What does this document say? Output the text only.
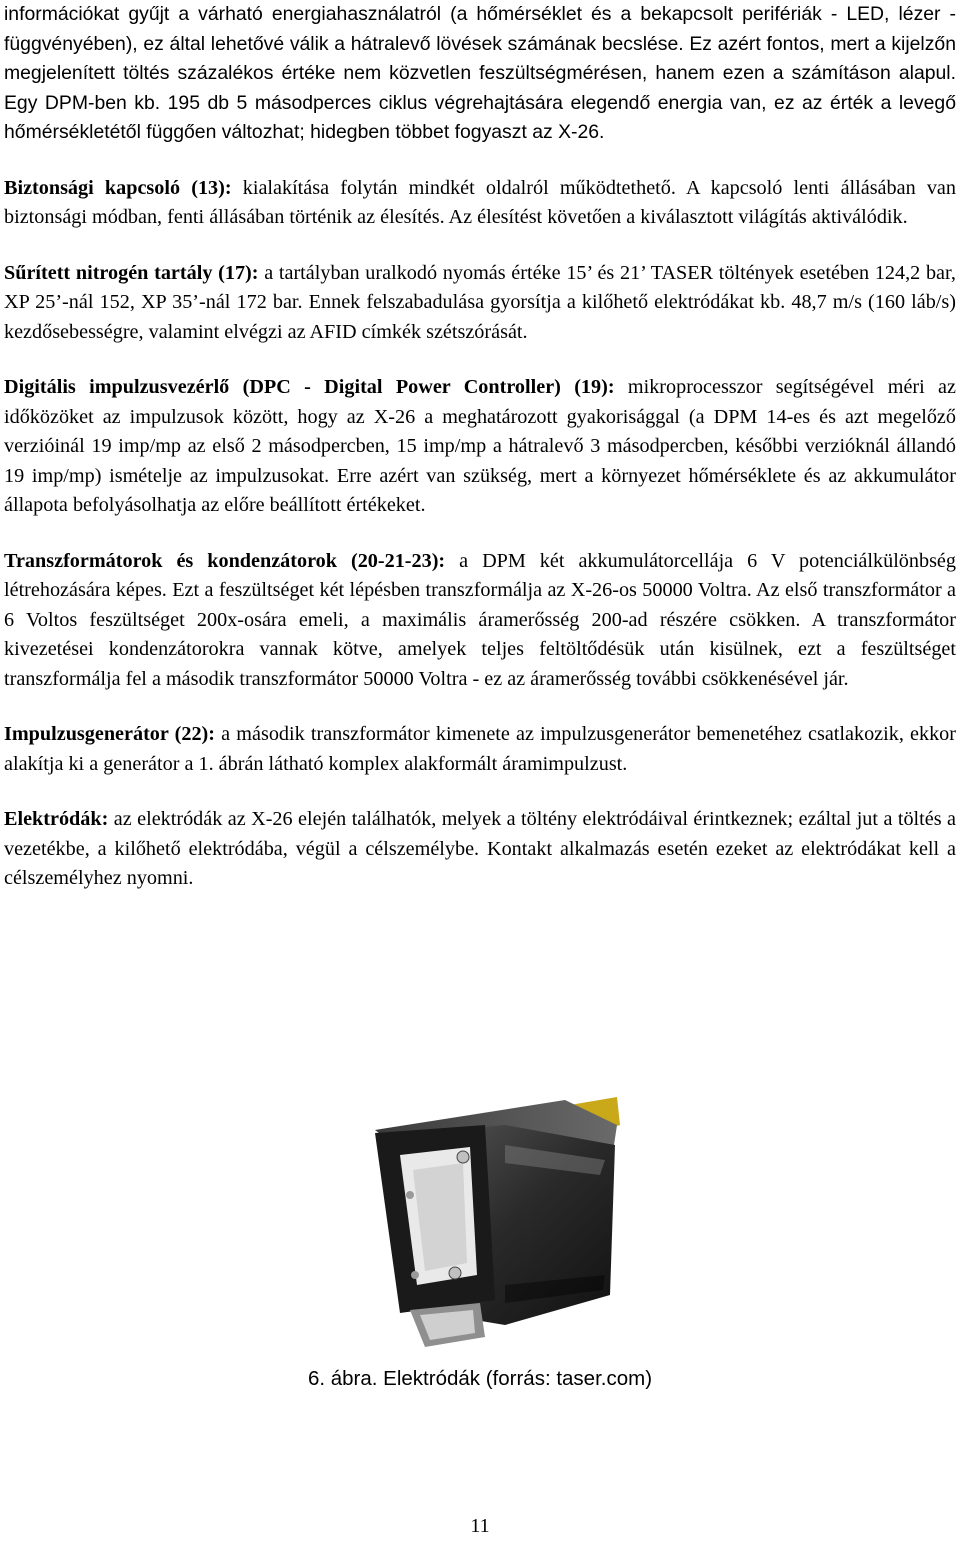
információkat gyűjt a várható energiahasználatról (a hőmérséklet és a bekapcsolt perifériák - LED, lézer - függvényében), ez által lehetővé válik a hátralevő lövések számának becslése. Ez azért fontos, mert a kijelzőn megjelenített töltés százalékos értéke nem közvetlen feszültségmérésen, hanem ezen a számításon alapul. Egy DPM-ben kb. 195 db 5 másodperces ciklus végrehajtására elegendő energia van, ez az érték a levegő hőmérsékletétől függően változhat; hidegben többet fogyaszt az X-26.

Biztonsági kapcsoló (13): kialakítása folytán mindkét oldalról működtethető. A kapcsoló lenti állásában van biztonsági módban, fenti állásában történik az élesítés. Az élesítést követően a kiválasztott világítás aktiválódik.

Sűrített nitrogén tartály (17): a tartályban uralkodó nyomás értéke 15’ és 21’ TASER töltények esetében 124,2 bar, XP 25’-nál 152, XP 35’-nál 172 bar. Ennek felszabadulása gyorsítja a kilőhető elektródákat kb. 48,7 m/s (160 láb/s) kezdősebességre, valamint elvégzi az AFID címkék szétszórását.

Digitális impulzusvezérlő (DPC - Digital Power Controller) (19): mikroprocesszor segítségével méri az időközöket az impulzusok között, hogy az X-26 a meghatározott gyakorisággal (a DPM 14-es és azt megelőző verzióinál 19 imp/mp az első 2 másodpercben, 15 imp/mp a hátralevő 3 másodpercben, későbbi verzióknál állandó 19 imp/mp) ismételje az impulzusokat. Erre azért van szükség, mert a környezet hőmérséklete és az akkumulátor állapota befolyásolhatja az előre beállított értékeket.

Transzformátorok és kondenzátorok (20-21-23): a DPM két akkumulátorcellája 6 V potenciálkülönbség létrehozására képes. Ezt a feszültséget két lépésben transzformálja az X-26-os 50000 Voltra. Az első transzformátor a 6 Voltos feszültséget 200x-osára emeli, a maximális áramerősség 200-ad részére csökken. A transzformátor kivezetései kondenzátorokra vannak kötve, amelyek teljes feltöltődésük után kisülnek, ezt a feszültséget transzformálja fel a második transzformátor 50000 Voltra - ez az áramerősség további csökkenésével jár.

Impulzusgenerátor (22): a második transzformátor kimenete az impulzusgenerátor bemenetéhez csatlakozik, ekkor alakítja ki a generátor a 1. ábrán látható komplex alakformált áramimpulzust.

Elektródák: az elektródák az X-26 elején találhatók, melyek a töltény elektródáival érintkeznek; ezáltal jut a töltés a vezetékbe, a kilőhető elektródába, végül a célszemélybe. Kontakt alkalmazás esetén ezeket az elektródákat kell a célszemélyhez nyomni.

6. ábra. Elektródák (forrás: taser.com)
11
